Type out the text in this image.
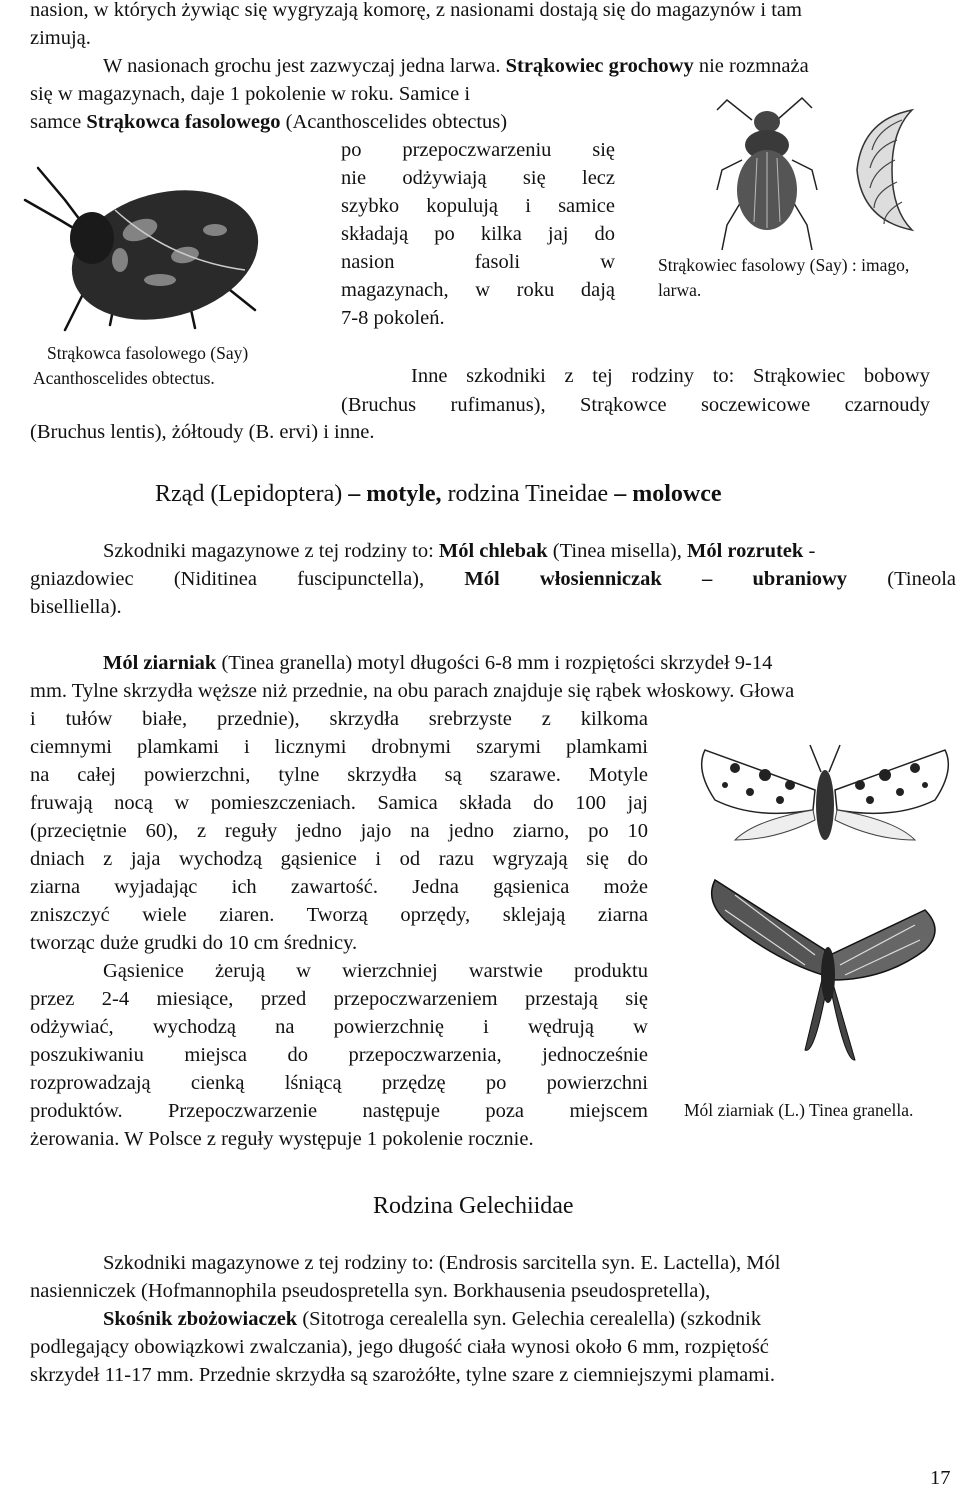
nasion, w których żywiąc się wygryzają komorę, z nasionami dostają się do magazynów i tam
zimują.
W nasionach grochu jest zazwyczaj jedna larwa. Strąkowiec grochowy nie rozmnaża
się w magazynach, daje 1 pokolenie w roku. Samice i
samce Strąkowca fasolowego (Acanthoscelides obtectus)
po przepoczwarzeniu się
nie odżywiają się lecz
szybko kopulują i samice
składają po kilka jaj do
nasion fasoli w
magazynach, w roku dają
7-8 pokoleń.
Strąkowca fasolowego (Say)
Acanthoscelides obtectus.
Strąkowiec fasolowy (Say) : imago,
larwa.
Inne szkodniki z tej rodziny to: Strąkowiec bobowy
(Bruchus rufimanus), Strąkowce soczewicowe czarnoudy
(Bruchus lentis), żółtoudy (B. ervi) i inne.
Rząd (Lepidoptera) – motyle, rodzina Tineidae – molowce
Szkodniki magazynowe z tej rodziny to: Mól chlebak (Tinea misella), Mól rozrutek -
gniazdowiec (Niditinea fuscipunctella), Mól włosienniczak – ubraniowy (Tineola
biselliella).
Mól ziarniak (Tinea granella) motyl długości 6-8 mm i rozpiętości skrzydeł 9-14
mm. Tylne skrzydła węższe niż przednie, na obu parach znajduje się rąbek włoskowy. Głowa
i tułów białe, przednie), skrzydła srebrzyste z kilkoma
ciemnymi plamkami i licznymi drobnymi szarymi plamkami
na całej powierzchni, tylne skrzydła są szarawe. Motyle
fruwają nocą w pomieszczeniach. Samica składa do 100 jaj
(przeciętnie 60), z reguły jedno jajo na jedno ziarno, po 10
dniach z jaja wychodzą gąsienice i od razu wgryzają się do
ziarna wyjadając ich zawartość. Jedna gąsienica może
zniszczyć wiele ziaren. Tworzą oprzędy, sklejają ziarna
tworząc duże grudki do 10 cm średnicy.
Gąsienice żerują w wierzchniej warstwie produktu
przez 2-4 miesiące, przed przepoczwarzeniem przestają się
odżywiać, wychodzą na powierzchnię i wędrują w
poszukiwaniu miejsca do przepoczwarzenia, jednocześnie
rozprowadzają cienką lśniącą przędzę po powierzchni
produktów. Przepoczwarzenie następuje poza miejscem
żerowania. W Polsce z reguły występuje 1 pokolenie rocznie.
Mól ziarniak (L.) Tinea granella.
Rodzina Gelechiidae
Szkodniki magazynowe z tej rodziny to: (Endrosis sarcitella syn. E. Lactella), Mól
nasienniczek (Hofmannophila pseudospretella syn. Borkhausenia pseudospretella),
Skośnik zbożowiaczek (Sitotroga cerealella syn. Gelechia cerealella) (szkodnik
podlegający obowiązkowi zwalczania), jego długość ciała wynosi około 6 mm, rozpiętość
skrzydeł 11-17 mm. Przednie skrzydła są szarożółte, tylne szare z ciemniejszymi plamami.
17
